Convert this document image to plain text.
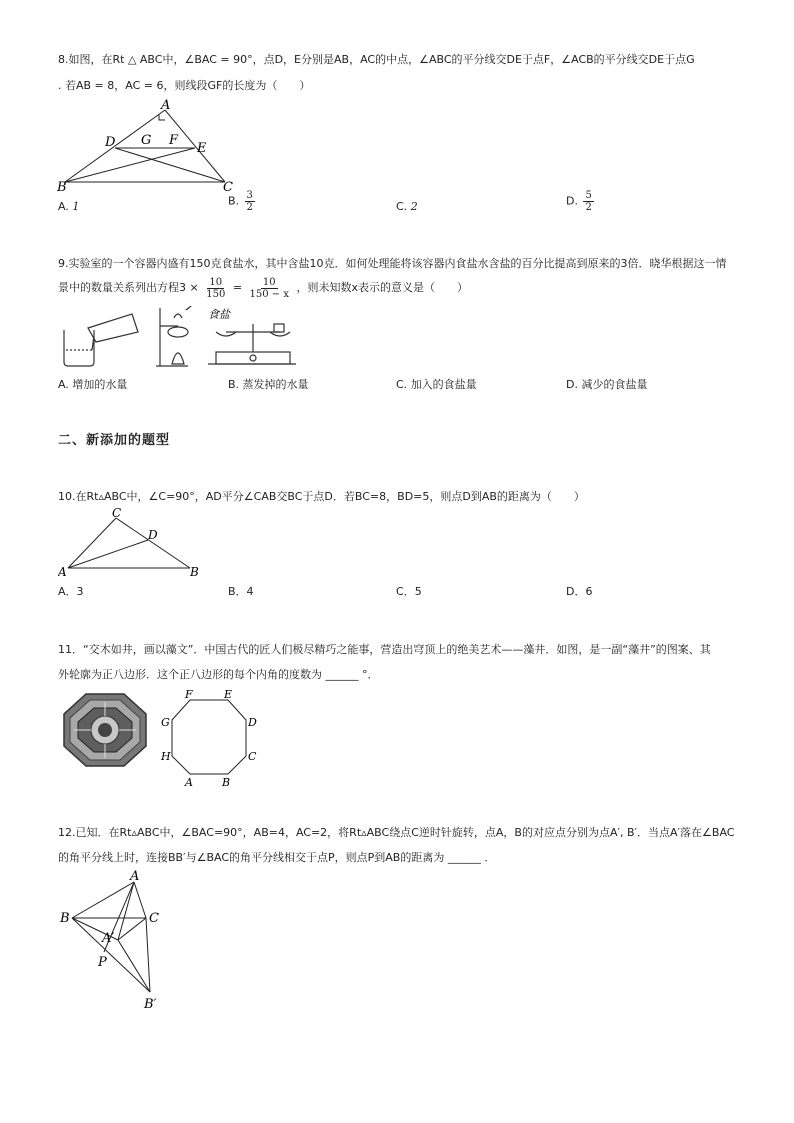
8.如图，在Rt △ ABC中，∠BAC = 90°，点D，E分别是AB，AC的中点，∠ABC的平分线交DE于点F，∠ACB的平分线交DE于点G
. 若AB = 8，AC = 6，则线段GF的长度为（　　）
A
D G F
E
B	C
A. 1	B. $\frac{3}{2}$	C. 2	D. $\frac{5}{2}$
9.实验室的一个容器内盛有150克食盐水，其中含盐10克．如何处理能将该容器内食盐水含盐的百分比提高到原来的3倍．晓华根据这一情
景中的数量关系列出方程$3 \times \frac{10}{150} = \frac{10}{150 - x}$ ，则未知数x表示的意义是（　　）
食盐
A. 增加的水量	B. 蒸发掉的水量	C. 加入的食盐量	D. 减少的食盐量
二、新添加的题型
10.在Rt▵ABC中，∠C=90°，AD平分∠CAB交BC于点D．若BC=8，BD=5，则点D到AB的距离为（　　）
C
D
A	B
A．3	B．4	C．5	D．6
11．“交木如井，画以藻文”．中国古代的匠人们极尽精巧之能事，营造出穹顶上的绝美艺术——藻井．如图，是一副“藻井”的图案、其
外轮廓为正八边形．这个正八边形的每个内角的度数为 ______ °．
F	E
D
C
B
A
H
G
12.已知．在Rt▵ABC中，∠BAC=90°，AB=4，AC=2，将Rt▵ABC绕点C逆时针旋转，点A，B的对应点分别为点A′, B′．当点A′落在∠BAC
的角平分线上时，连接BB′与∠BAC的角平分线相交于点P，则点P到AB的距离为 ______ ．
A
B	C
A′
P
B′
